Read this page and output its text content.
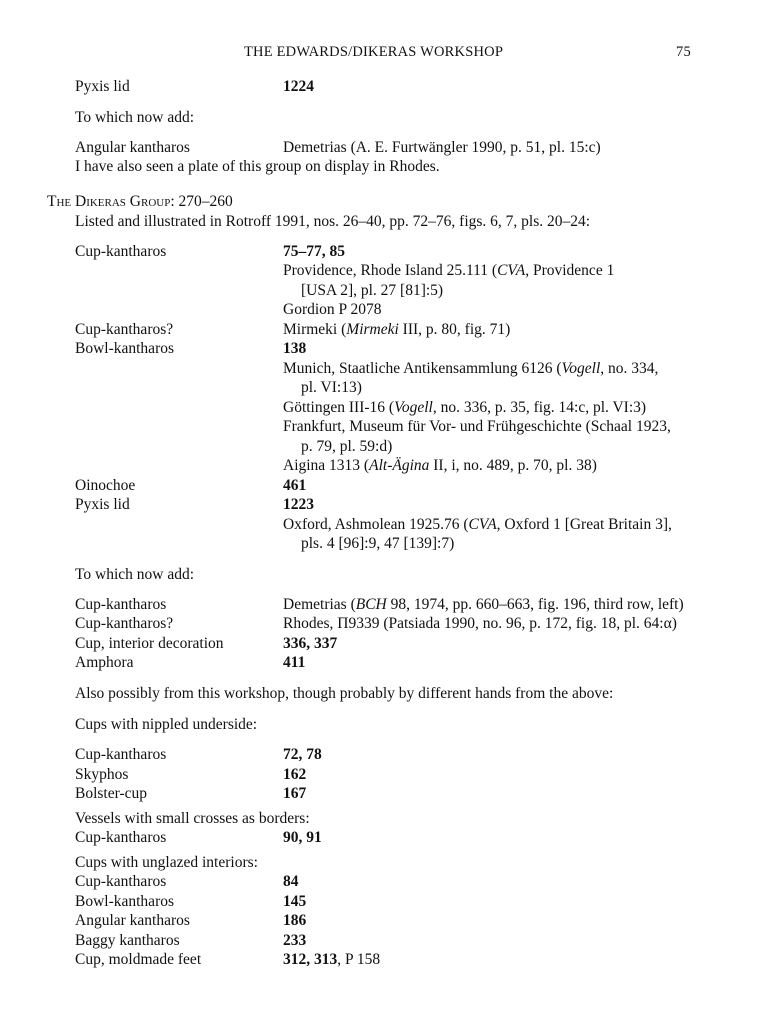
THE EDWARDS/DIKERAS WORKSHOP	75
Pyxis lid	1224
To which now add:
Angular kantharos	Demetrias (A. E. Furtwängler 1990, p. 51, pl. 15:c)
I have also seen a plate of this group on display in Rhodes.
The Dikeras Group: 270–260
Listed and illustrated in Rotroff 1991, nos. 26–40, pp. 72–76, figs. 6, 7, pls. 20–24:
Cup-kantharos	75–77, 85
Providence, Rhode Island 25.111 (CVA, Providence 1
[USA 2], pl. 27 [81]:5)
Gordion P 2078
Cup-kantharos?	Mirmeki (Mirmeki III, p. 80, fig. 71)
Bowl-kantharos	138
Munich, Staatliche Antikensammlung 6126 (Vogell, no. 334,
pl. VI:13)
Göttingen III-16 (Vogell, no. 336, p. 35, fig. 14:c, pl. VI:3)
Frankfurt, Museum für Vor- und Frühgeschichte (Schaal 1923,
p. 79, pl. 59:d)
Aigina 1313 (Alt-Ägina II, i, no. 489, p. 70, pl. 38)
Oinochoe	461
Pyxis lid	1223
Oxford, Ashmolean 1925.76 (CVA, Oxford 1 [Great Britain 3],
pls. 4 [96]:9, 47 [139]:7)
To which now add:
Cup-kantharos	Demetrias (BCH 98, 1974, pp. 660–663, fig. 196, third row, left)
Cup-kantharos?	Rhodes, Π9339 (Patsiada 1990, no. 96, p. 172, fig. 18, pl. 64:α)
Cup, interior decoration	336, 337
Amphora	411
Also possibly from this workshop, though probably by different hands from the above:
Cups with nippled underside:
Cup-kantharos	72, 78
Skyphos	162
Bolster-cup	167
Vessels with small crosses as borders:
Cup-kantharos	90, 91
Cups with unglazed interiors:
Cup-kantharos	84
Bowl-kantharos	145
Angular kantharos	186
Baggy kantharos	233
Cup, moldmade feet	312, 313, P 158
